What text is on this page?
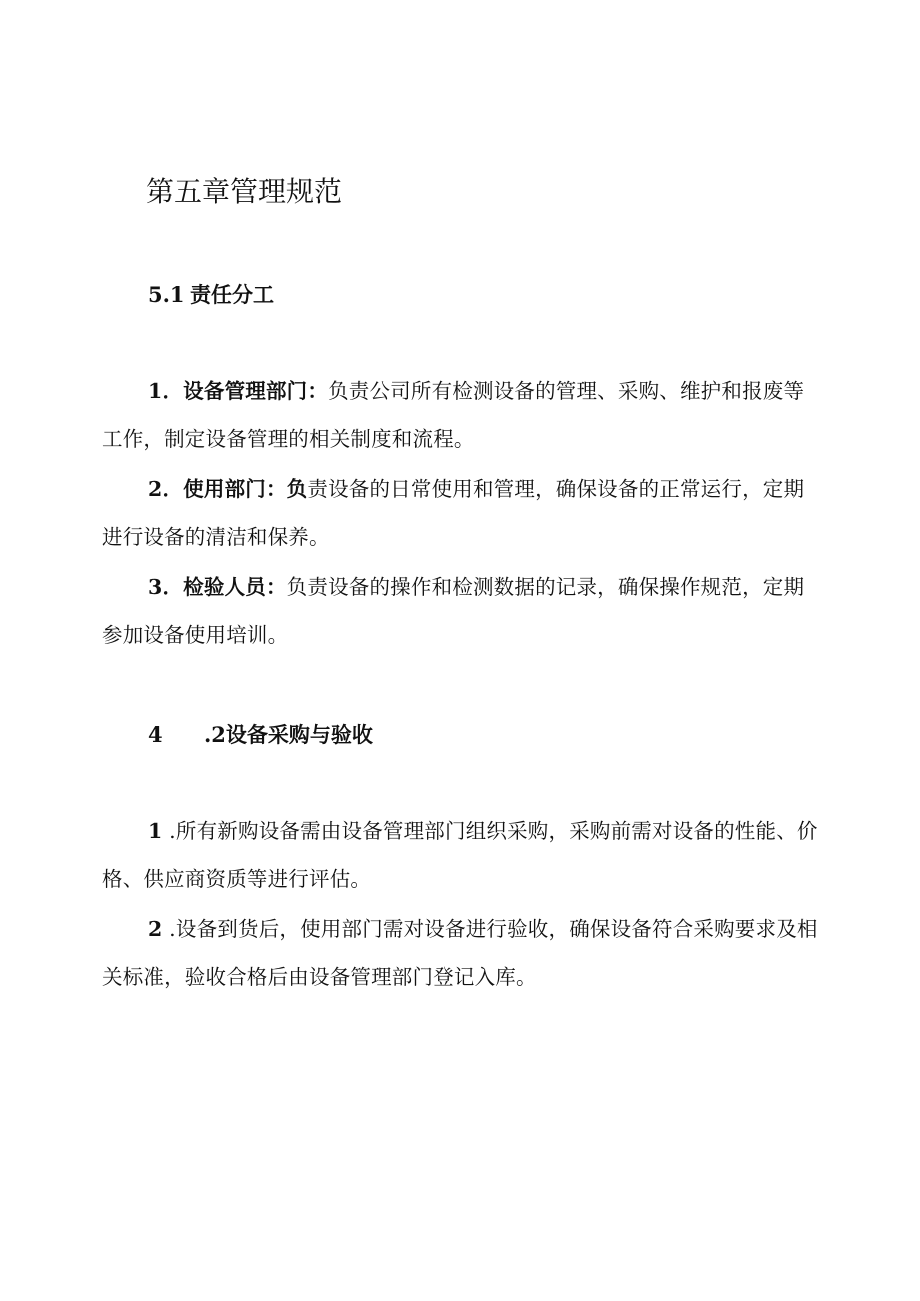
第五章管理规范
5.1 责任分工

1．设备管理部门：负责公司所有检测设备的管理、采购、维护和报废等工作，制定设备管理的相关制度和流程。

2．使用部门：负责设备的日常使用和管理，确保设备的正常运行，定期进行设备的清洁和保养。

3．检验人员：负责设备的操作和检测数据的记录，确保操作规范，定期参加设备使用培训。

4 .2设备采购与验收

1 .所有新购设备需由设备管理部门组织采购，采购前需对设备的性能、价格、供应商资质等进行评估。

2 .设备到货后，使用部门需对设备进行验收，确保设备符合采购要求及相关标准，验收合格后由设备管理部门登记入库。
